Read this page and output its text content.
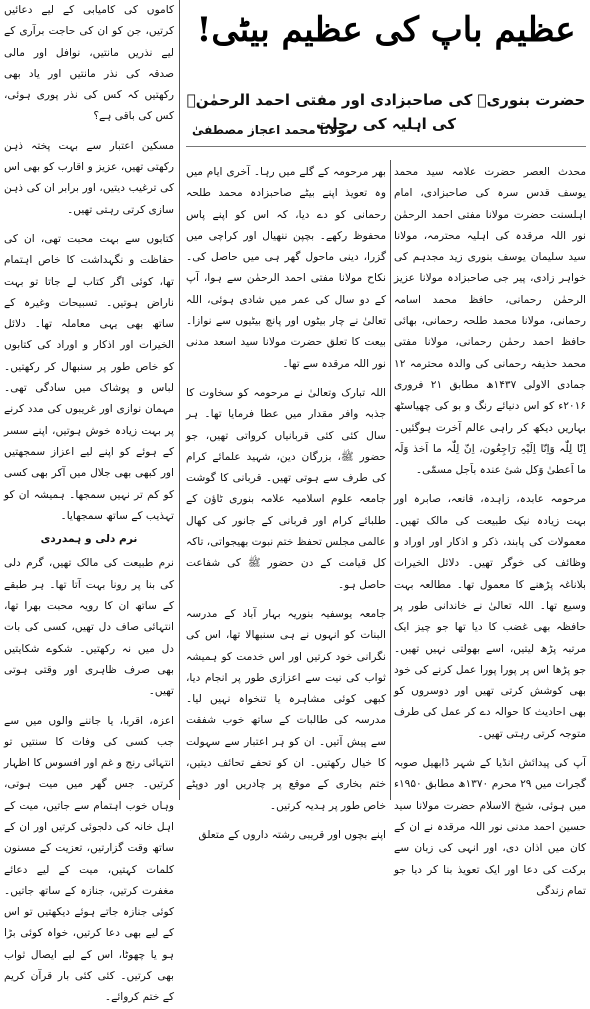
عظیم باپ کی عظیم بیٹی!
حضرت بنوریؒ کی صاحبزادی اور مفتی احمد الرحمٰنؒ کی اہلیہ کی رحلت
مولانا محمد اعجاز مصطفیٰ

محدث العصر حضرت علامہ سید محمد یوسف قدس سرہ کی صاحبزادی، امام اہلسنت حضرت مولانا مفتی احمد الرحمٰن نور اللہ مرقدہ کی اہلیہ محترمہ، مولانا سید سلیمان یوسف بنوری زید مجدہم کی خواہر زادی، پیر جی صاحبزادہ مولانا عزیز الرحمٰن رحمانی، حافظ محمد اسامہ رحمانی، مولانا محمد طلحہ رحمانی، بھائی حافظ احمد رحمٰن رحمانی، مولانا مفتی محمد حذیفہ رحمانی کی والدہ محترمہ ۱۲ جمادی الاولی ۱۴۳۷ھ مطابق ۲۱ فروری ۲۰۱۶ء کو اس دنیائے رنگ و بو کی چھیاسٹھ بہاریں دیکھ کر راہی عالم آخرت ہوگئیں۔ اِنّا لِلّٰہ وَاِنّا اِلَیْہِ رَاجِعُون، اِنّ لِلّٰہ ما اَخذ وَلَہ ما اَعطیٰ وَکل شیٔ عندہ باَجل مسمّٰی۔

مرحومہ عابدہ، زاہدہ، قانعہ، صابرہ اور بہت زیادہ نیک طبیعت کی مالک تھیں۔ معمولات کی پابند، ذکر و اذکار اور اوراد و وظائف کی خوگر تھیں۔ دلائل الخیرات بلاناغہ پڑھنے کا معمول تھا۔ مطالعہ بہت وسیع تھا۔ اللہ تعالیٰ نے خاندانی طور پر حافظہ بھی غضب کا دیا تھا جو چیز ایک مرتبہ پڑھ لیتیں، اسے بھولتی نہیں تھیں۔ جو پڑھا اس پر پورا پورا عمل کرنے کی خود بھی کوشش کرتی تھیں اور دوسروں کو بھی احادیث کا حوالہ دے کر عمل کی طرف متوجہ کرتی رہتی تھیں۔

آپ کی پیدائش انڈیا کے شہر ڈابھیل صوبہ گجرات میں ۲۹ محرم ۱۳۷۰ھ مطابق ۱۹۵۰ء میں ہوئی، شیخ الاسلام حضرت مولانا سید حسین احمد مدنی نور اللہ مرقدہ نے ان کے کان میں اذان دی، اور انہی کی زبان سے برکت کی دعا اور ایک تعویذ بنا کر دیا جو تمام زندگی

بھر مرحومہ کے گلے میں رہا۔ آخری ایام میں وہ تعویذ اپنے بیٹے صاحبزادہ محمد طلحہ رحمانی کو دے دیا، کہ اس کو اپنے پاس محفوظ رکھے۔ بچپن ننھیال اور کراچی میں گزرا، دینی ماحول گھر ہی میں حاصل کی۔ نکاح مولانا مفتی احمد الرحمٰن سے ہوا، آپ کے دو سال کی عمر میں شادی ہوئی، اللہ تعالیٰ نے چار بیٹوں اور پانچ بیٹیوں سے نوازا۔ بیعت کا تعلق حضرت مولانا سید اسعد مدنی نور اللہ مرقدہ سے تھا۔

اللہ تبارک وتعالیٰ نے مرحومہ کو سخاوت کا جذبہ وافر مقدار میں عطا فرمایا تھا۔ ہر سال کئی کئی قربانیاں کرواتی تھیں، جو حضور ﷺ، بزرگان دین، شہید علمائے کرام کی طرف سے ہوتی تھیں۔ قربانی کا گوشت جامعہ علوم اسلامیہ علامہ بنوری ٹاؤن کے طلبائے کرام اور قربانی کے جانور کی کھال عالمی مجلس تحفظ ختم نبوت بھیجواتی، تاکہ کل قیامت کے دن حضور ﷺ کی شفاعت حاصل ہو۔

جامعہ یوسفیہ بنوریہ بہار آباد کے مدرسہ البنات کو انہوں نے ہی سنبھالا تھا، اس کی نگرانی خود کرتیں اور اس خدمت کو ہمیشہ ثواب کی نیت سے اعزازی طور پر انجام دیا، کبھی کوئی مشاہرہ یا تنخواہ نہیں لیا۔ مدرسہ کی طالبات کے ساتھ خوب شفقت سے پیش آتیں۔ ان کو ہر اعتبار سے سہولت کا خیال رکھتیں۔ ان کو تحفے تحائف دیتیں، ختم بخاری کے موقع پر چادریں اور دوپٹے خاص طور پر ہدیہ کرتیں۔

اپنے بچوں اور قریبی رشتہ داروں کے متعلق

کاموں کی کامیابی کے لیے دعائیں کرتیں، جن کو ان کی حاجت برآری کے لیے نذریں مانتیں، نوافل اور مالی صدقہ کی نذر مانتیں اور یاد بھی رکھتیں کہ کس کی نذر پوری ہوئی، کس کی باقی ہے؟

مسکین اعتبار سے بہت پختہ ذہن رکھتی تھیں، عزیز و اقارب کو بھی اس کی ترغیب دیتیں، اور برابر ان کی ذہن سازی کرتی رہتی تھیں۔

کتابوں سے بہت محبت تھی، ان کی حفاظت و نگہداشت کا خاص اہتمام تھا، کوئی اگر کتاب لے جاتا تو بہت ناراض ہوتیں۔ تسبیحات وغیرہ کے ساتھ بھی یہی معاملہ تھا۔ دلائل الخیرات اور اذکار و اوراد کی کتابوں کو خاص طور پر سنبھال کر رکھتیں۔ لباس و پوشاک میں سادگی تھی۔ مہمان نوازی اور غریبوں کی مدد کرنے پر بہت زیادہ خوش ہوتیں، اپنے سسر کے ہوئے کو اپنے لیے اعزاز سمجھتیں اور کبھی بھی جلال میں آکر بھی کسی کو کم تر نہیں سمجھا۔ ہمیشہ ان کو تہذیب کے ساتھ سمجھایا۔

نرم دلی و ہمدردی

نرم طبیعت کی مالک تھیں، گرم دلی کی بنا پر رونا بہت آتا تھا۔ ہر طبقے کے ساتھ ان کا رویہ محبت بھرا تھا، انتہائی صاف دل تھیں، کسی کی بات دل میں نہ رکھتیں۔ شکوے شکایتیں بھی صرف ظاہری اور وقتی ہوتی تھیں۔

اعزہ، اقربا، یا جاننے والوں میں سے جب کسی کی وفات کا سنتیں تو انتہائی رنج و غم اور افسوس کا اظہار کرتیں۔ جس گھر میں میت ہوتی، وہاں خوب اہتمام سے جاتیں، میت کے اہل خانہ کی دلجوئی کرتیں اور ان کے ساتھ وقت گزارتیں، تعزیت کے مسنون کلمات کہتیں، میت کے لیے دعائے مغفرت کرتیں، جنازہ کے ساتھ جاتیں۔ کوئی جنازہ جاتے ہوئے دیکھتیں تو اس کے لیے بھی دعا کرتیں، خواہ کوئی بڑا ہو یا چھوٹا، اس کے لیے ایصال ثواب بھی کرتیں۔ کئی کئی بار قرآن کریم کے ختم کروائے۔
